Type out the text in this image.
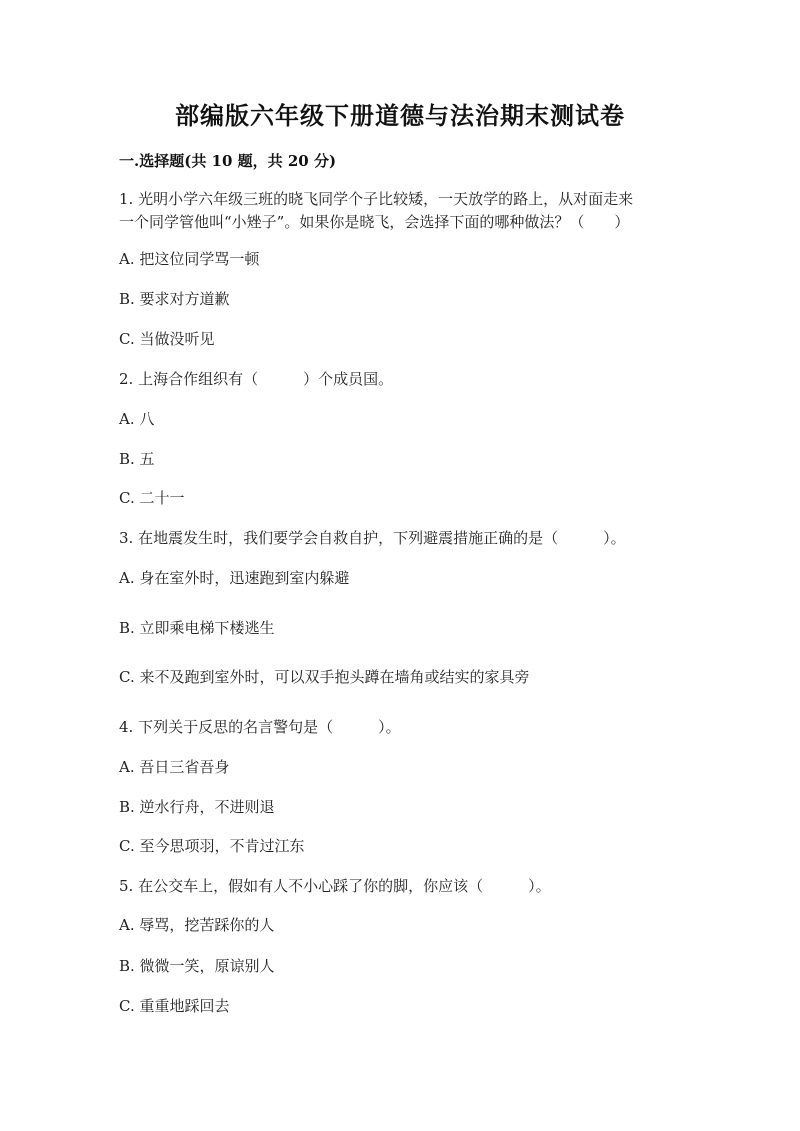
部编版六年级下册道德与法治期末测试卷
一.选择题(共 10 题，共 20 分)
1. 光明小学六年级三班的晓飞同学个子比较矮，一天放学的路上，从对面走来
一个同学管他叫“小矬子”。如果你是晓飞，会选择下面的哪种做法？（　　）
A. 把这位同学骂一顿
B. 要求对方道歉
C. 当做没听见
2. 上海合作组织有（　　　）个成员国。
A. 八
B. 五
C. 二十一
3. 在地震发生时，我们要学会自救自护，下列避震措施正确的是（　　　）。
A. 身在室外时，迅速跑到室内躲避
B. 立即乘电梯下楼逃生
C. 来不及跑到室外时，可以双手抱头蹲在墙角或结实的家具旁
4. 下列关于反思的名言警句是（　　　）。
A. 吾日三省吾身
B. 逆水行舟，不进则退
C. 至今思项羽，不肯过江东
5. 在公交车上，假如有人不小心踩了你的脚，你应该（　　　）。
A. 辱骂，挖苦踩你的人
B. 微微一笑，原谅别人
C. 重重地踩回去
